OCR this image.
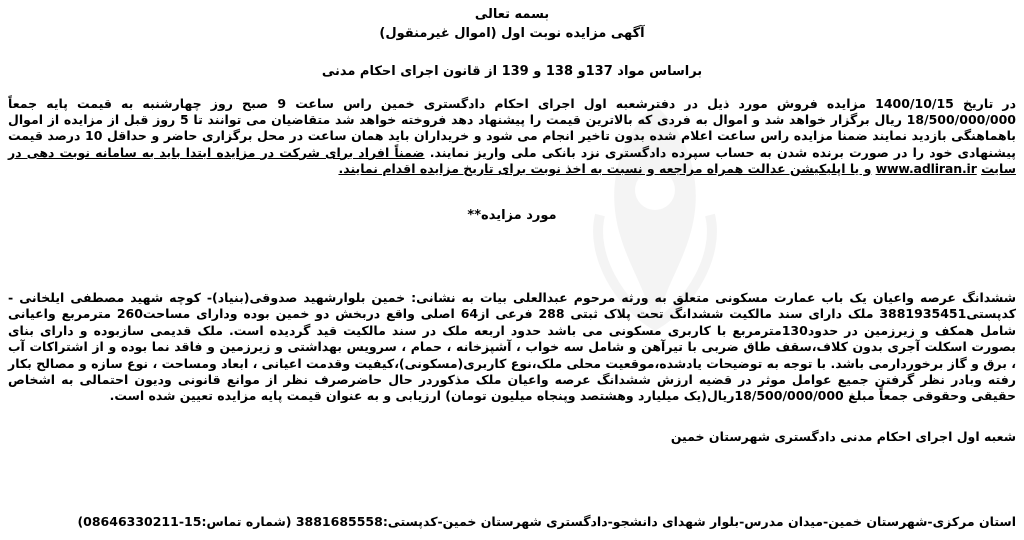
بسمه تعالی
آگهی مزایده نوبت اول (اموال غیرمنقول)
براساس مواد 137و 138 و 139 از قانون اجرای احکام مدنی
در تاریخ 1400/10/15 مزایده فروش مورد ذیل در دفترشعبه اول اجرای احکام دادگستری خمین راس ساعت 9 صبح روز چهارشنبه به قیمت پایه جمعاً 18/500/000/000 ریال برگزار خواهد شد و اموال به فردی که بالاترین قیمت را پیشنهاد دهد فروخته خواهد شد متقاضیان می توانند تا 5 روز قبل از مزایده از اموال باهماهنگی بازدید نمایند ضمنا مزایده راس ساعت اعلام شده بدون تاخیر انجام می شود و خریداران باید همان ساعت در محل برگزاری حاضر و حداقل 10 درصد قیمت پیشنهادی خود را در صورت برنده شدن به حساب سپرده دادگستری نزد بانکی ملی واریز نمایند. ضمناً افراد برای شرکت در مزایده ابتدا باید به سامانه نوبت دهی در سایت www.adliran.ir و یا اپلیکیشن عدالت همراه مراجعه و نسبت به اخذ نوبت برای تاریخ مزایده اقدام نمایند.
مورد مزایده**
ششدانگ عرصه واعیان یک باب عمارت مسکونی متعلق به ورثه مرحوم عبدالعلی بیات به نشانی: خمین بلوارشهید صدوقی(بنیاد)- کوچه شهید مصطفی ایلخانی - کدپستی3881935451 ملک دارای سند مالکیت ششدانگ تحت پلاک ثبتی 288 فرعی از64 اصلی واقع دربخش دو خمین بوده ودارای مساحت260 مترمربع واعیانی شامل همکف و زیرزمین در حدود130مترمربع با کاربری مسکونی می باشد حدود اربعه ملک در سند مالکیت قید گردیده است. ملک قدیمی سازبوده و دارای بنای بصورت اسکلت آجری بدون کلاف،سقف طاق ضربی با تیرآهن و شامل سه خواب ، آشپزخانه ، حمام ، سرویس بهداشتی و زیرزمین و فاقد نما بوده و از اشتراکات آب ، برق و گاز برخوردارمی باشد. با توجه به توضیحات یادشده،موقعیت محلی ملک،نوع کاربری(مسکونی)،کیفیت وقدمت اعیانی ، ابعاد ومساحت ، نوع سازه و مصالح بکار رفته وبادر نظر گرفتن جمیع عوامل موثر در قضیه ارزش ششدانگ عرصه واعیان ملک مذکوردر حال حاضرصرف نظر از موانع قانونی ودیون احتمالی به اشخاص حقیقی وحقوقی جمعاً مبلغ 18/500/000/000ریال(یک میلیارد وهشتصد وپنجاه میلیون تومان) ارزیابی و به عنوان قیمت پایه مزایده تعیین شده است.
شعبه اول اجرای احکام مدنی دادگستری شهرستان خمین
استان مرکزی-شهرستان خمین-میدان مدرس-بلوار شهدای دانشجو-دادگستری شهرستان خمین-کدپستی:3881685558 (شماره تماس:15-08646330211)
